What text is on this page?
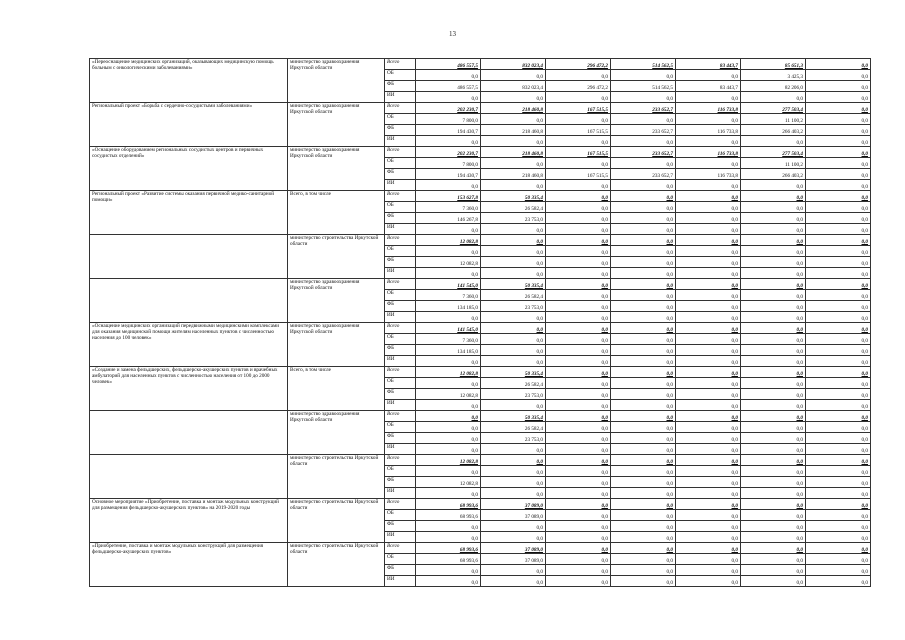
13
«Переоснащение медицинских организаций, оказывающих медицинскую помощь больным с онкологическими заболеваниями»	министерство здравоохранения Иркутской области	Всего	486 557,5	832 023,4	296 472,2	514 562,5	83 443,7	85 651,3	0,0
		ОБ	0,0	0,0	0,0	0,0	0,0	3 425,3	0,0
		ФБ	486 557,5	832 023,4	296 472,2	514 562,5	83 443,7	82 206,0	0,0
		ИИ	0,0	0,0	0,0	0,0	0,0	0,0	0,0
Региональный проект «Борьба с сердечно-сосудистыми заболеваниями»	министерство здравоохранения Иркутской области	Всего	202 230,7	218 460,8	167 515,5	233 652,7	116 733,8	277 503,4	0,0
		ОБ	7 800,0	0,0	0,0	0,0	0,0	11 100,2	0,0
		ФБ	194 430,7	218 460,8	167 515,5	233 652,7	116 733,8	266 403,2	0,0
		ИИ	0,0	0,0	0,0	0,0	0,0	0,0	0,0
«Оснащение оборудованием региональных сосудистых центров и первичных сосудистых отделений»	министерство здравоохранения Иркутской области	Всего	202 230,7	218 460,8	167 515,5	233 652,7	116 733,8	277 503,4	0,0
		ОБ	7 800,0	0,0	0,0	0,0	0,0	11 100,2	0,0
		ФБ	194 430,7	218 460,8	167 515,5	233 652,7	116 733,8	266 403,2	0,0
		ИИ	0,0	0,0	0,0	0,0	0,0	0,0	0,0
Региональный проект «Развитие системы оказания первичной медико-санитарной помощи»	Всего, в том числе	Всего	153 627,8	50 335,4	0,0	0,0	0,0	0,0	0,0
		ОБ	7 360,0	26 582,4	0,0	0,0	0,0	0,0	0,0
		ФБ	146 267,8	23 753,0	0,0	0,0	0,0	0,0	0,0
		ИИ	0,0	0,0	0,0	0,0	0,0	0,0	0,0
	министерство строительства Иркутской области	Всего	12 082,8	0,0	0,0	0,0	0,0	0,0	0,0
		ОБ	0,0	0,0	0,0	0,0	0,0	0,0	0,0
		ФБ	12 082,8	0,0	0,0	0,0	0,0	0,0	0,0
		ИИ	0,0	0,0	0,0	0,0	0,0	0,0	0,0
	министерство здравоохранения Иркутской области	Всего	141 545,0	50 335,4	0,0	0,0	0,0	0,0	0,0
		ОБ	7 360,0	26 582,4	0,0	0,0	0,0	0,0	0,0
		ФБ	134 185,0	23 753,0	0,0	0,0	0,0	0,0	0,0
		ИИ	0,0	0,0	0,0	0,0	0,0	0,0	0,0
«Оснащение медицинских организаций передвижными медицинскими комплексами для оказания медицинской помощи жителям населенных пунктов с численностью населения до 100 человек»	министерство здравоохранения Иркутской области	Всего	141 545,0	0,0	0,0	0,0	0,0	0,0	0,0
		ОБ	7 360,0	0,0	0,0	0,0	0,0	0,0	0,0
		ФБ	134 185,0	0,0	0,0	0,0	0,0	0,0	0,0
		ИИ	0,0	0,0	0,0	0,0	0,0	0,0	0,0
«Создание и замена фельдшерских, фельдшерско-акушерских пунктов и врачебных амбулаторий для населенных пунктов с численностью населения от 100 до 2000 человек»	Всего, в том числе	Всего	12 082,8	50 335,4	0,0	0,0	0,0	0,0	0,0
		ОБ	0,0	26 582,4	0,0	0,0	0,0	0,0	0,0
		ФБ	12 082,8	23 753,0	0,0	0,0	0,0	0,0	0,0
		ИИ	0,0	0,0	0,0	0,0	0,0	0,0	0,0
	министерство здравоохранения Иркутской области	Всего	0,0	50 335,4	0,0	0,0	0,0	0,0	0,0
		ОБ	0,0	26 582,4	0,0	0,0	0,0	0,0	0,0
		ФБ	0,0	23 753,0	0,0	0,0	0,0	0,0	0,0
		ИИ	0,0	0,0	0,0	0,0	0,0	0,0	0,0
	министерство строительства Иркутской области	Всего	12 082,8	0,0	0,0	0,0	0,0	0,0	0,0
		ОБ	0,0	0,0	0,0	0,0	0,0	0,0	0,0
		ФБ	12 082,8	0,0	0,0	0,0	0,0	0,0	0,0
		ИИ	0,0	0,0	0,0	0,0	0,0	0,0	0,0
Основное мероприятие «Приобретение, поставка и монтаж модульных конструкций для размещения фельдшерско-акушерских пунктов» на 2019-2020 годы	министерство строительства Иркутской области	Всего	68 993,6	37 089,0	0,0	0,0	0,0	0,0	0,0
		ОБ	68 993,6	37 089,0	0,0	0,0	0,0	0,0	0,0
		ФБ	0,0	0,0	0,0	0,0	0,0	0,0	0,0
		ИИ	0,0	0,0	0,0	0,0	0,0	0,0	0,0
«Приобретение, поставка и монтаж модульных конструкций для размещения фельдшерско-акушерских пунктов»	министерство строительства Иркутской области	Всего	68 993,6	37 089,0	0,0	0,0	0,0	0,0	0,0
		ОБ	68 993,6	37 089,0	0,0	0,0	0,0	0,0	0,0
		ФБ	0,0	0,0	0,0	0,0	0,0	0,0	0,0
		ИИ	0,0	0,0	0,0	0,0	0,0	0,0	0,0
